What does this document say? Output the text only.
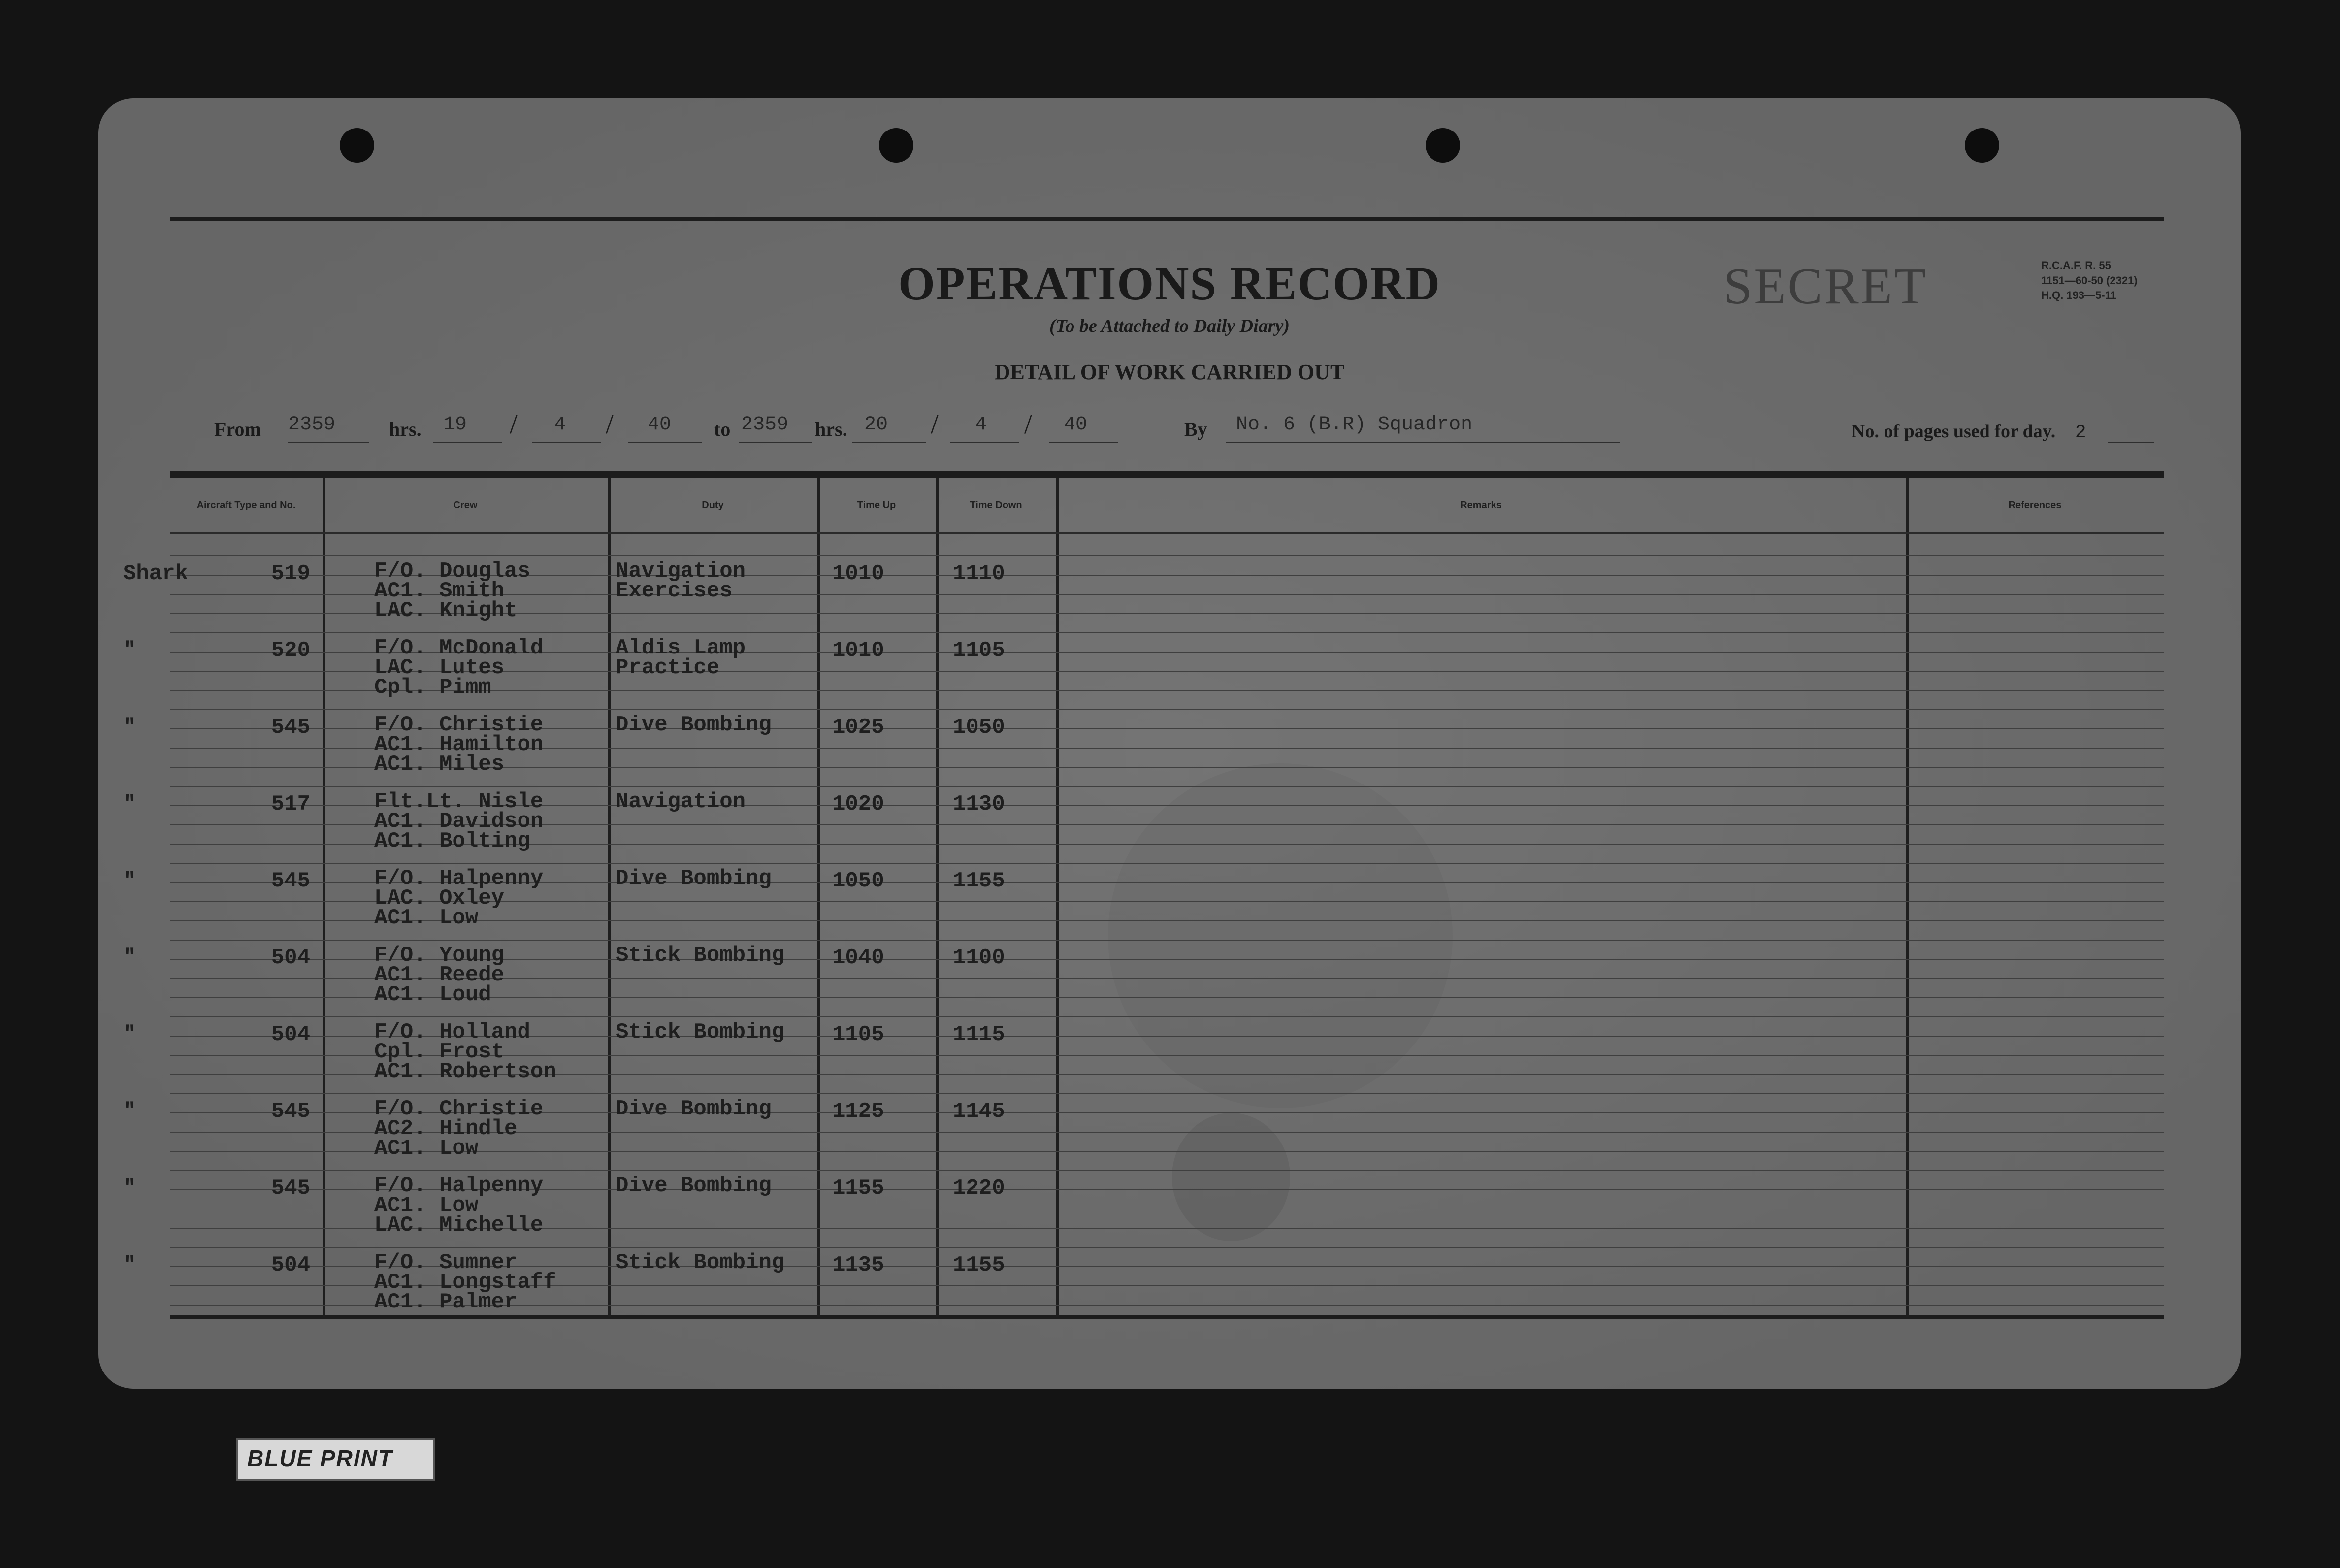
OPERATIONS RECORD
(To be Attached to Daily Diary)
DETAIL OF WORK CARRIED OUT
SECRET	R.C.A.F. R. 55
1151—60-50 (2321)
H.Q. 193—5-11
From 2359	hrs. 19 / 4 / 40 to 2359 hrs. 20 / 4 / 40	By No. 6 (B.R) Squadron	No. of pages used for day. 2
Aircraft Type and No.	Crew	Duty	Time Up	Time Down	Remarks	References
Shark	519	F/O. Douglas
AC1. Smith
LAC. Knight
Navigation
Exercises
1010	1110
"	520	F/O. McDonald
LAC. Lutes
Cpl. Pimm
Aldis Lamp
Practice
1010	1105
"	545	F/O. Christie
AC1. Hamilton
AC1. Miles
Dive Bombing	1025	1050
"	517	Flt.Lt. Nisle
AC1. Davidson
AC1. Bolting
Navigation	1020	1130
"	545	F/O. Halpenny
LAC. Oxley
AC1. Low
Dive Bombing	1050	1155
"	504	F/O. Young
AC1. Reede
AC1. Loud
Stick Bombing 1040	1100
"	504	F/O. Holland
Cpl. Frost
AC1. Robertson
Stick Bombing 1105	1115
"	545	F/O. Christie
AC2. Hindle
AC1. Low
Dive Bombing	1125	1145
"	545	F/O. Halpenny
AC1. Low
LAC. Michelle
Dive Bombing	1155	1220
"	504	F/O. Sumner
AC1. Longstaff
AC1. Palmer
Stick Bombing 1135	1155
BLUE PRINT
